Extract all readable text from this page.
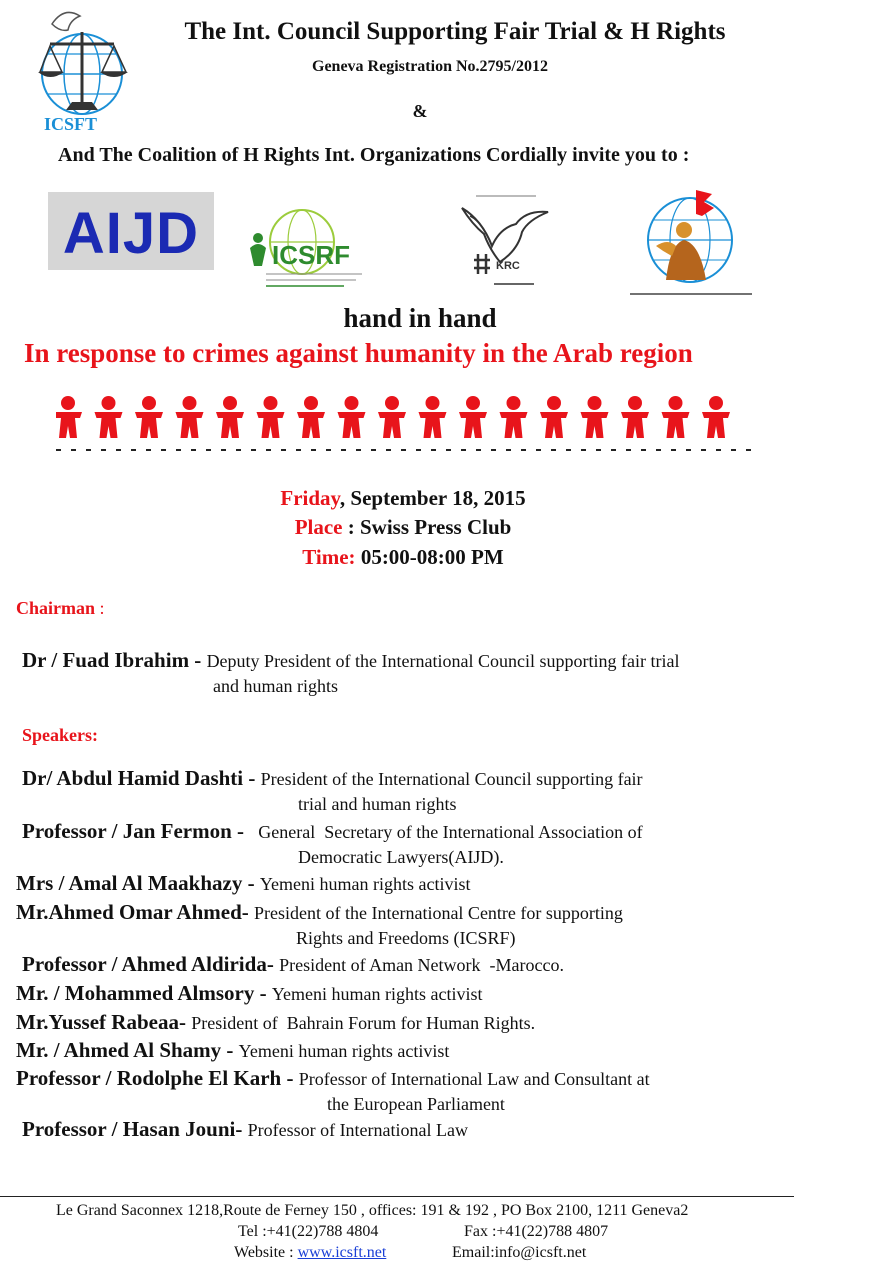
ICSFT
The Int. Council Supporting Fair Trial & H Rights
Geneva Registration No.2795/2012
&
And The Coalition of H Rights Int. Organizations Cordially invite you to :
AIJD	ICSRF	KRC
hand in hand
In response to crimes against humanity in the Arab region
Friday, September 18, 2015
Place : Swiss Press Club
Time: 05:00-08:00 PM
Chairman :
Dr / Fuad Ibrahim - Deputy President of the International Council supporting fair trial
and human rights
Speakers:
Dr/ Abdul Hamid Dashti - President of the International Council supporting fair
trial and human rights
Professor / Jan Fermon -   General  Secretary of the International Association of
Democratic Lawyers(AIJD).
Mrs / Amal Al Maakhazy - Yemeni human rights activist
Mr.Ahmed Omar Ahmed- President of the International Centre for supporting
Rights and Freedoms (ICSRF)
Professor / Ahmed Aldirida- President of Aman Network  -Marocco.
Mr. / Mohammed Almsory - Yemeni human rights activist
Mr.Yussef Rabeaa- President of  Bahrain Forum for Human Rights.
Mr. / Ahmed Al Shamy - Yemeni human rights activist
Professor / Rodolphe El Karh - Professor of International Law and Consultant at
the European Parliament
Professor / Hasan Jouni- Professor of International Law
Le Grand Saconnex 1218,Route de Ferney 150 , offices: 191 & 192 , PO Box 2100, 1211 Geneva2
Tel :+41(22)788 4804	Fax :+41(22)788 4807
Website : www.icsft.net	Email:info@icsft.net
